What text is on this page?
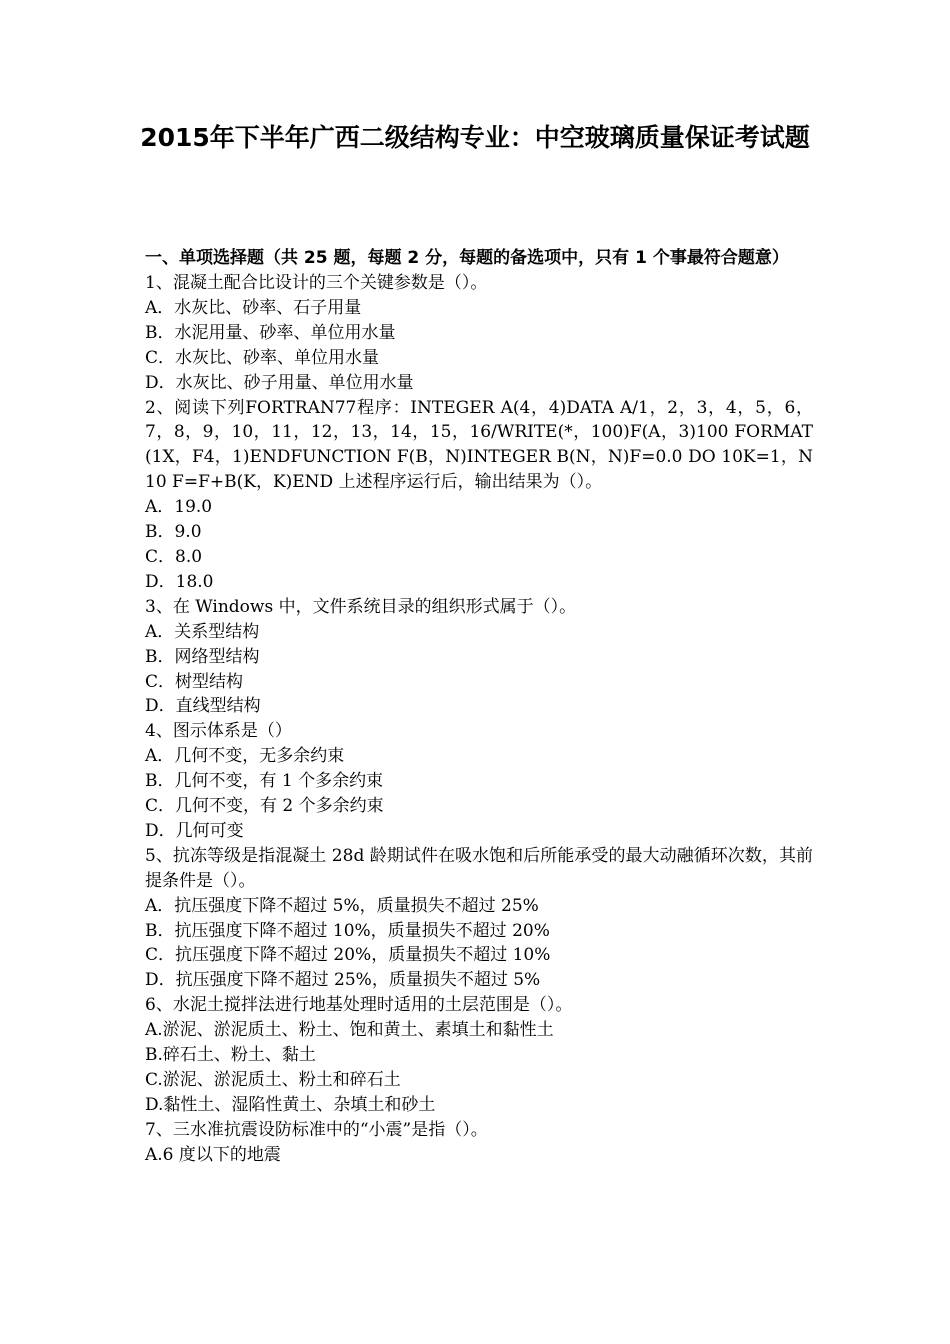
2015年下半年广西二级结构专业：中空玻璃质量保证考试题

一、单项选择题（共 25 题，每题 2 分，每题的备选项中，只有 1 个事最符合题意）

1、混凝土配合比设计的三个关键参数是（）。

A．水灰比、砂率、石子用量

B．水泥用量、砂率、单位用水量

C．水灰比、砂率、单位用水量

D．水灰比、砂子用量、单位用水量

2、阅读下列FORTRAN77程序：INTEGER A(4，4)DATA A/1，2，3，4，5，6，7，8，9，10，11，12，13，14，15，16/WRITE(*，100)F(A，3)100 FORMAT(1X，F4，1)ENDFUNCTION F(B，N)INTEGER B(N，N)F=0.0 DO 10K=1，N 10 F=F+B(K，K)END 上述程序运行后，输出结果为（）。

A．19.0

B．9.0

C．8.0

D．18.0

3、在 Windows 中，文件系统目录的组织形式属于（）。

A．关系型结构

B．网络型结构

C．树型结构

D．直线型结构

4、图示体系是（）

A．几何不变，无多余约束

B．几何不变，有 1 个多余约束

C．几何不变，有 2 个多余约束

D．几何可变

5、抗冻等级是指混凝土 28d 龄期试件在吸水饱和后所能承受的最大动融循环次数，其前提条件是（）。

A．抗压强度下降不超过 5%，质量损失不超过 25%

B．抗压强度下降不超过 10%，质量损失不超过 20%

C．抗压强度下降不超过 20%，质量损失不超过 10%

D．抗压强度下降不超过 25%，质量损失不超过 5%

6、水泥土搅拌法进行地基处理时适用的土层范围是（）。

A.淤泥、淤泥质土、粉土、饱和黄土、素填土和黏性土

B.碎石土、粉土、黏土

C.淤泥、淤泥质土、粉土和碎石土

D.黏性土、湿陷性黄土、杂填土和砂土

7、三水准抗震设防标准中的“小震”是指（）。

A.6 度以下的地震
